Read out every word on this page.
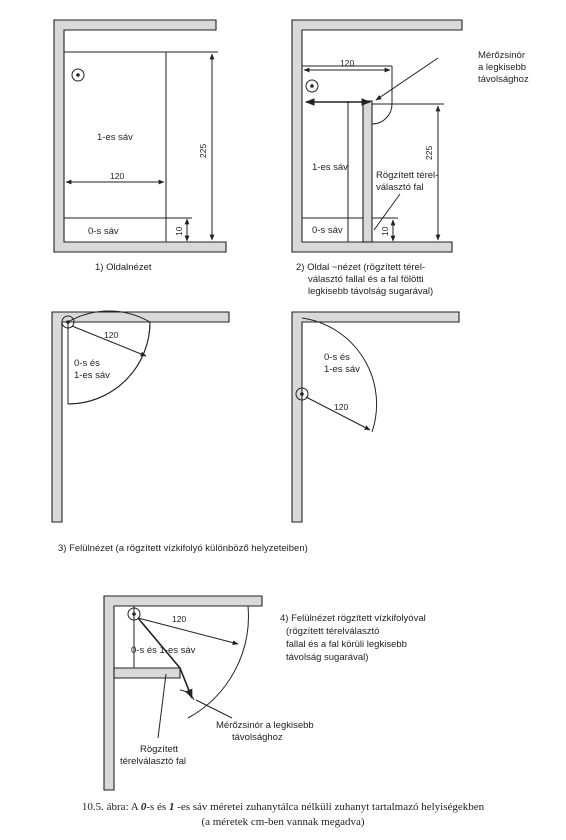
1-es sáv
0-s sáv
120
225
10
1) Oldalnézet
120
Mérőzsinór
a legkisebb
távolsághoz
1-es sáv
0-s sáv
Rögzített térel-
választó fal
225
10
2) Oldal ~nézet (rögzített térel-
választó fallal és a fal fölötti
legkisebb távolság sugarával)
120
0-s és
1-es sáv
120
0-s és
1-es sáv
3) Felülnézet (a rögzített vízkifolyó különböző helyzeteiben)
120
0-s és 1-es sáv
Mérőzsinór a legkisebb
távolsághoz
Rögzített
térelválasztó fal
4) Felülnézet rögzített vízkifolyóval
(rögzített térelválasztó
fallal és a fal körüli legkisebb
távolság sugarával)
10.5. ábra: A 0-s és 1 -es sáv méretei zuhanytálca nélküli zuhanyt tartalmazó helyiségekben
(a méretek cm-ben vannak megadva)
